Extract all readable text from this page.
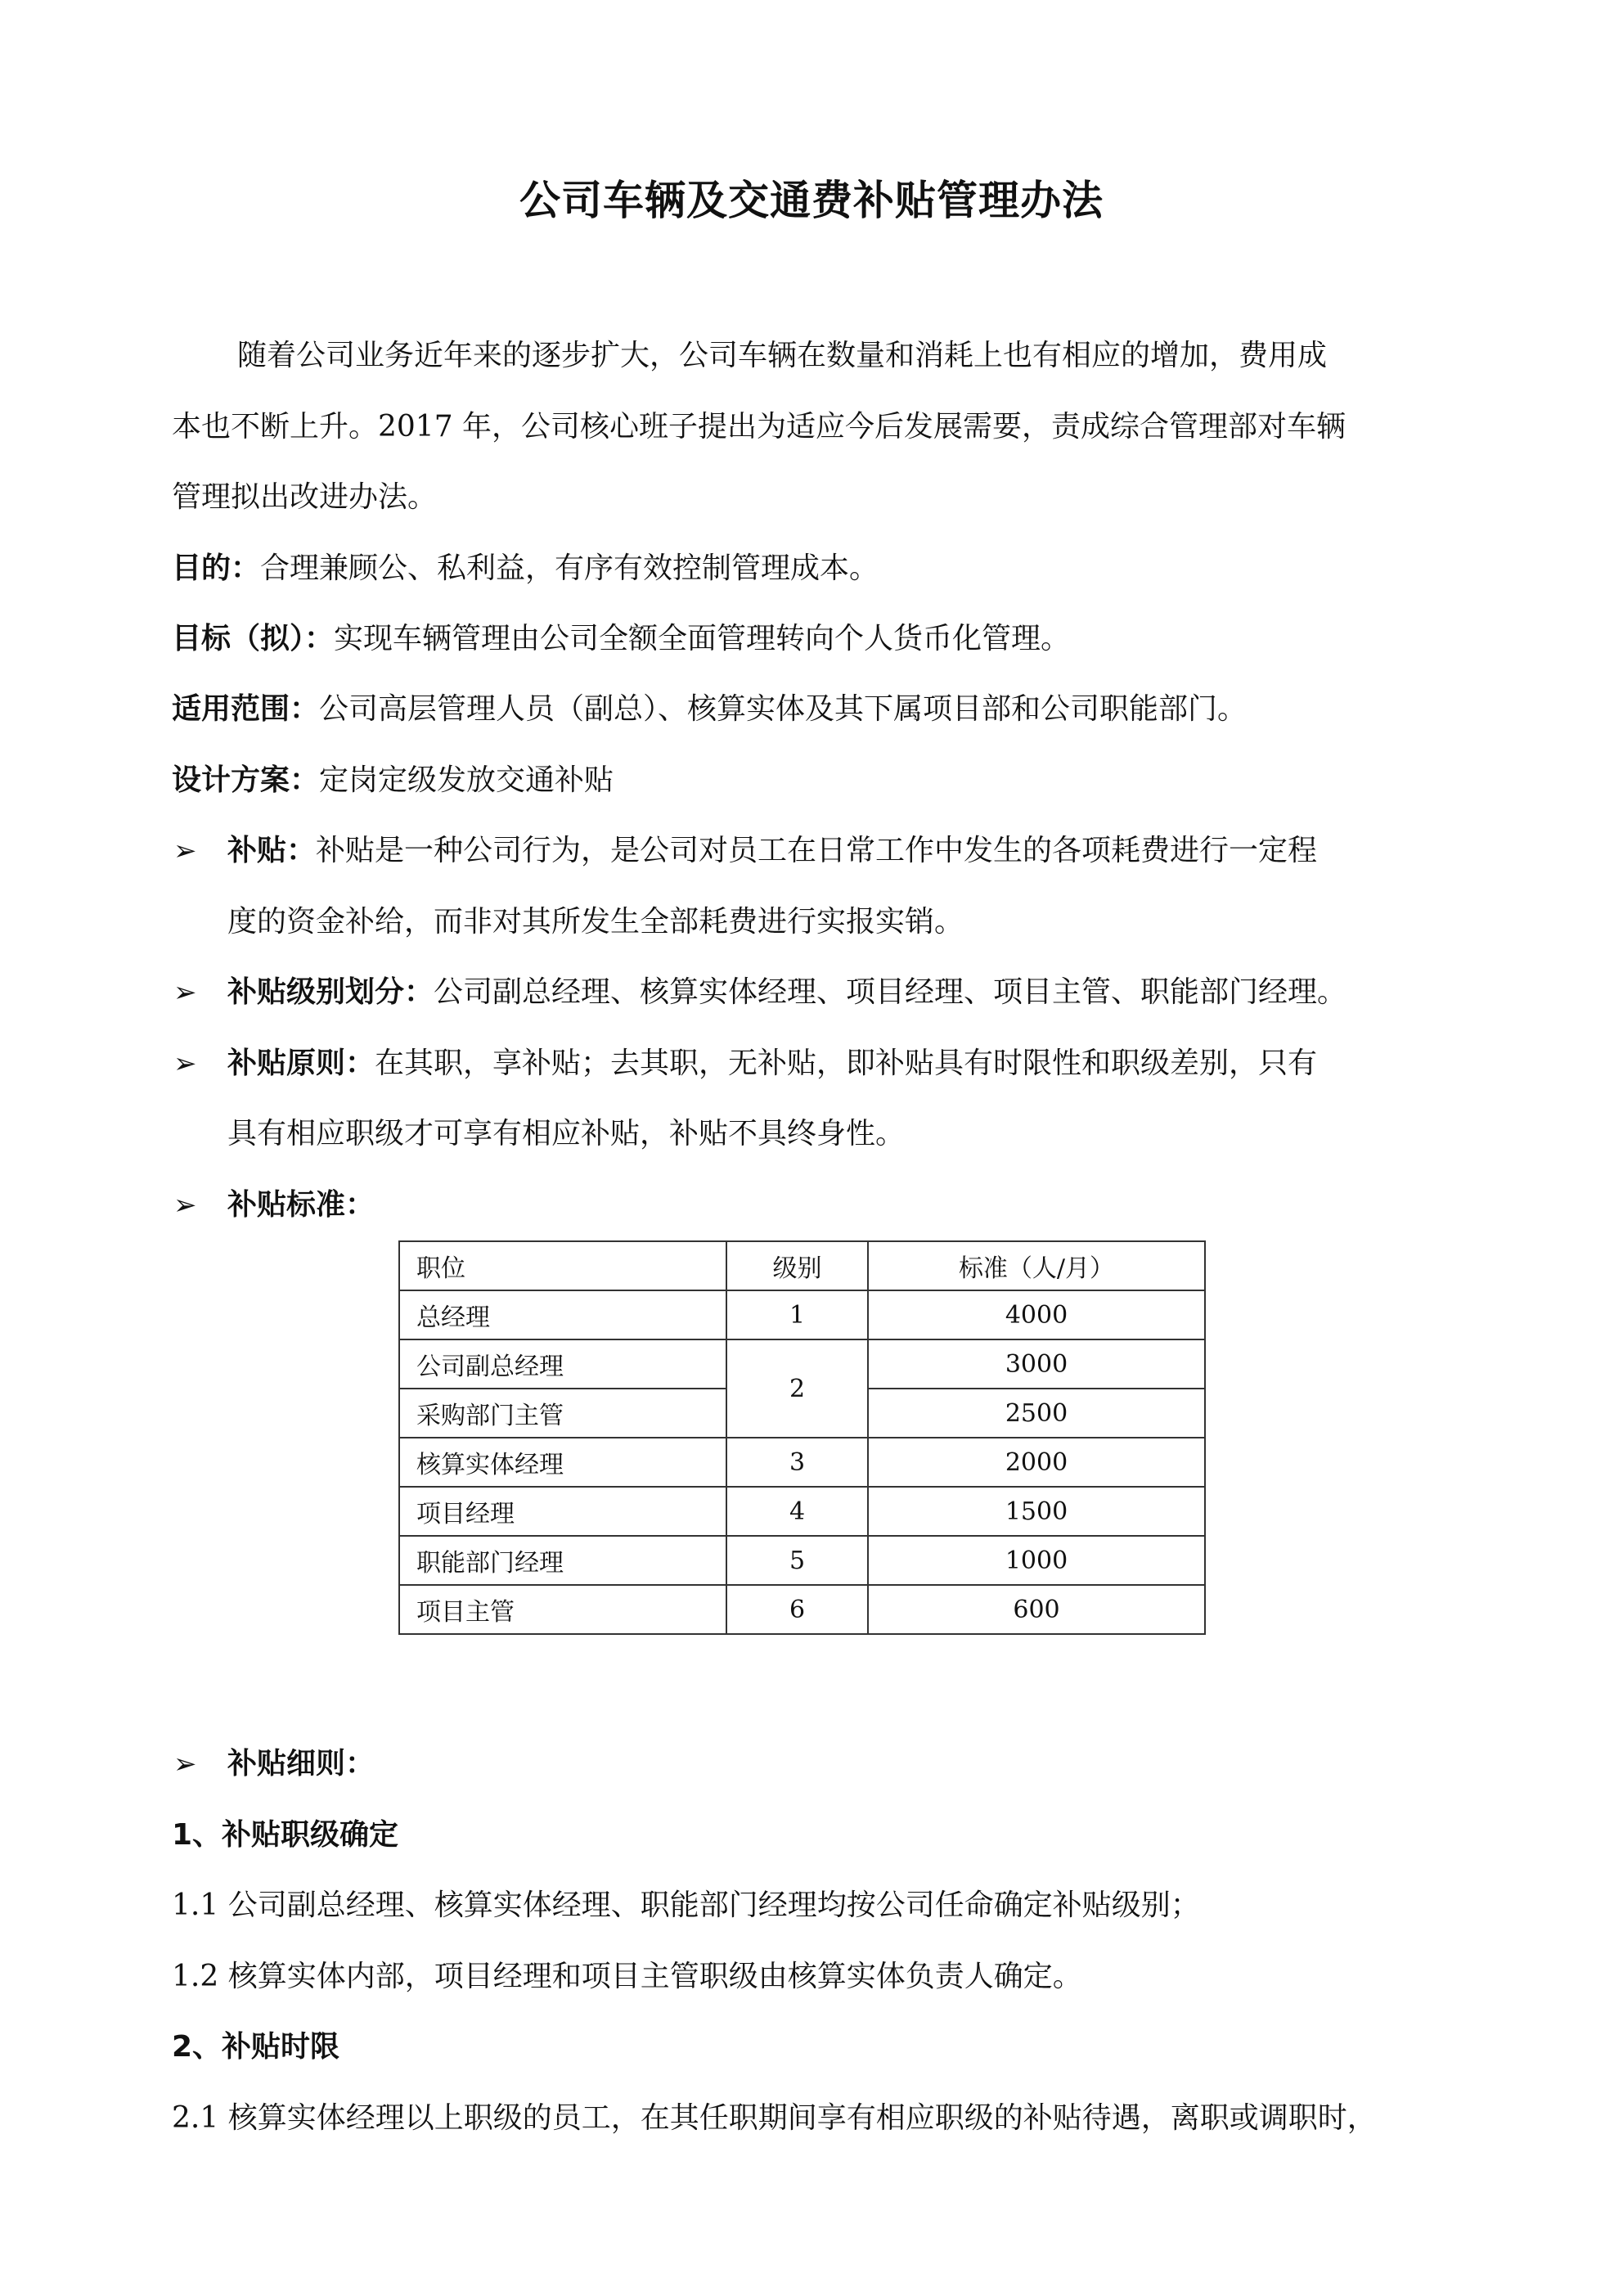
公司车辆及交通费补贴管理办法

随着公司业务近年来的逐步扩大，公司车辆在数量和消耗上也有相应的增加，费用成

本也不断上升。2017 年，公司核心班子提出为适应今后发展需要，责成综合管理部对车辆

管理拟出改进办法。

目的：合理兼顾公、私利益，有序有效控制管理成本。

目标（拟）：实现车辆管理由公司全额全面管理转向个人货币化管理。

适用范围：公司高层管理人员（副总）、核算实体及其下属项目部和公司职能部门。

设计方案：定岗定级发放交通补贴

➢ 补贴：补贴是一种公司行为，是公司对员工在日常工作中发生的各项耗费进行一定程

度的资金补给，而非对其所发生全部耗费进行实报实销。

➢ 补贴级别划分：公司副总经理、核算实体经理、项目经理、项目主管、职能部门经理。

➢ 补贴原则：在其职，享补贴；去其职，无补贴，即补贴具有时限性和职级差别，只有

具有相应职级才可享有相应补贴，补贴不具终身性。

➢ 补贴标准：

职位	级别	标准（人/月）
总经理	1	4000
公司副总经理	2	3000
采购部门主管		2500
核算实体经理	3	2000
项目经理	4	1500
职能部门经理	5	1000
项目主管	6	600
➢ 补贴细则：

1、补贴职级确定

1.1 公司副总经理、核算实体经理、职能部门经理均按公司任命确定补贴级别；

1.2 核算实体内部，项目经理和项目主管职级由核算实体负责人确定。

2、补贴时限

2.1 核算实体经理以上职级的员工，在其任职期间享有相应职级的补贴待遇，离职或调职时，
